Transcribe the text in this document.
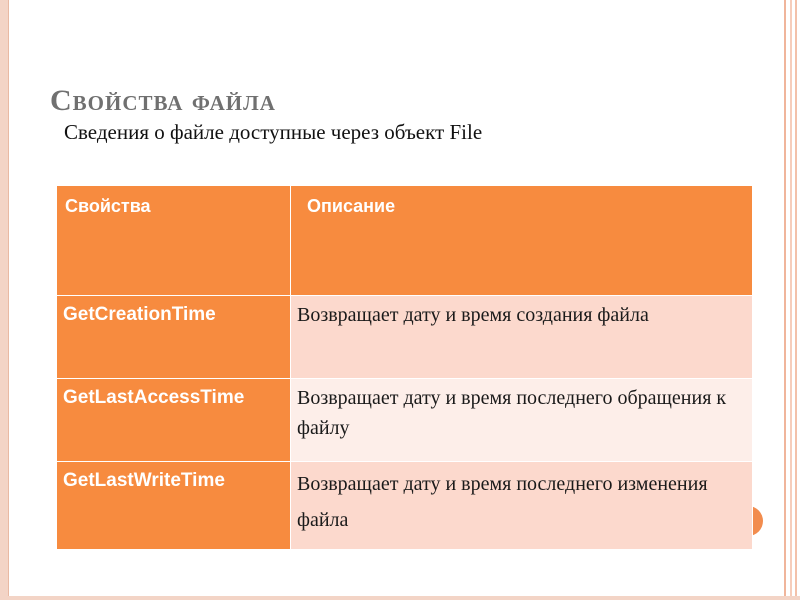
Свойства файла

Сведения о файле доступные через объект File

Свойства	Описание
GetCreationTime	Возвращает дату и время создания файла
GetLastAccessTime	Возвращает дату и время последнего обращения к файлу
GetLastWriteTime	Возвращает дату и время последнего изменения файла
